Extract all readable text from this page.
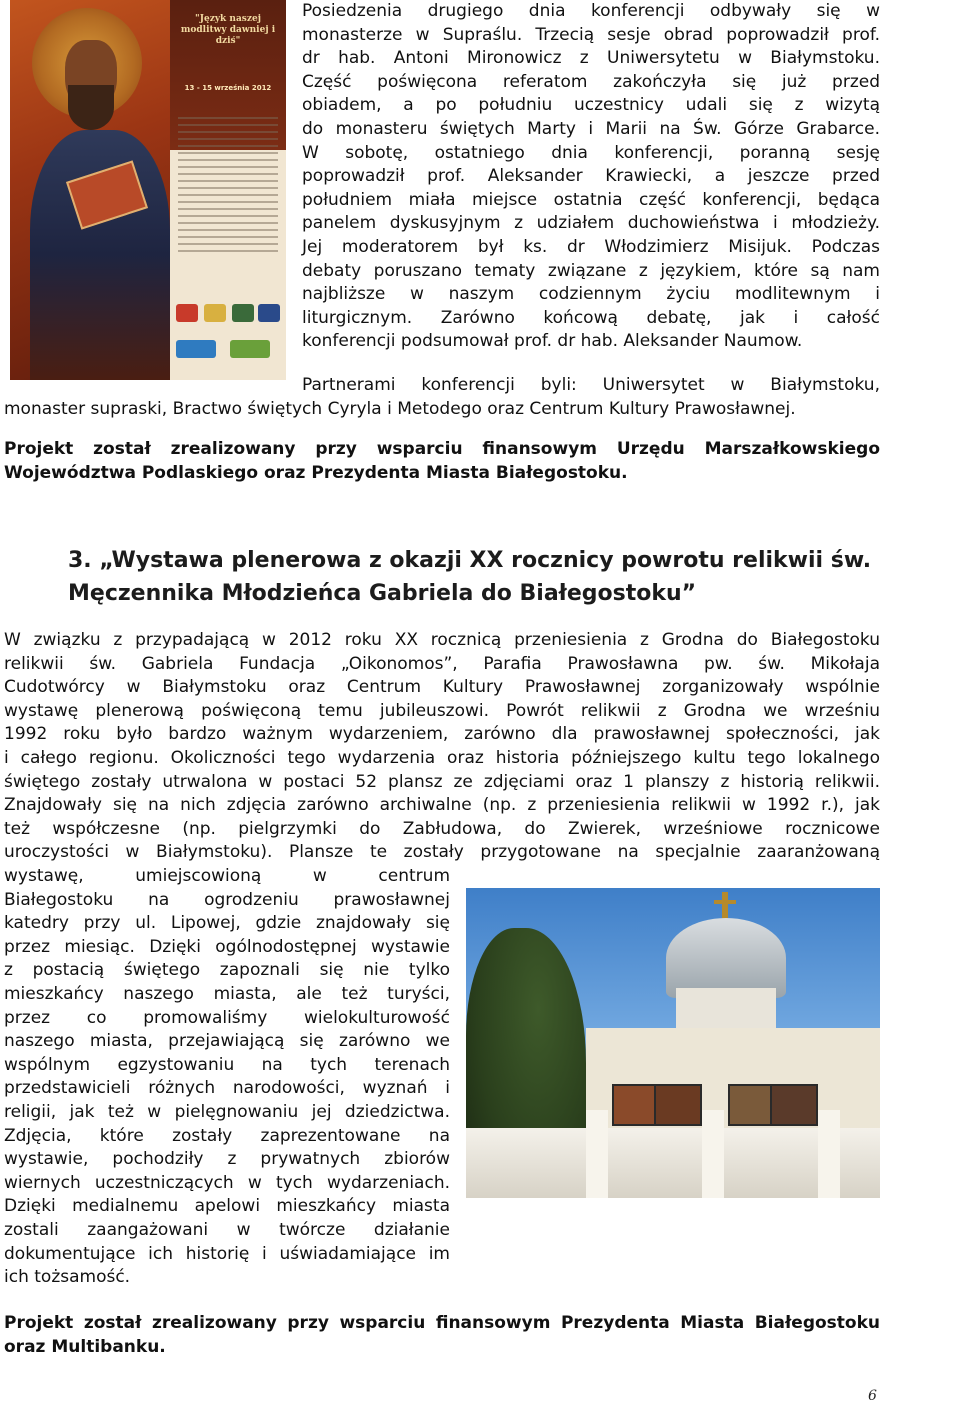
"Język naszej modlitwy dawniej i dziś"
13 - 15 września 2012
Posiedzenia drugiego dnia konferencji odbywały się w
monasterze w Supraślu. Trzecią sesje obrad poprowadził prof.
dr hab. Antoni Mironowicz z Uniwersytetu w Białymstoku.
Część poświęcona referatom zakończyła się już przed
obiadem, a po południu uczestnicy udali się z wizytą
do monasteru świętych Marty i Marii na Św. Górze Grabarce.
W sobotę, ostatniego dnia konferencji, poranną sesję
poprowadził prof. Aleksander Krawiecki, a jeszcze przed
południem miała miejsce ostatnia część konferencji, będąca
panelem dyskusyjnym z udziałem duchowieństwa i młodzieży.
Jej moderatorem był ks. dr Włodzimierz Misijuk. Podczas
debaty poruszano tematy związane z językiem, które są nam
najbliższe w naszym codziennym życiu modlitewnym i
liturgicznym. Zarówno końcową debatę, jak i całość
konferencji podsumował prof. dr hab. Aleksander Naumow.
Partnerami konferencji byli: Uniwersytet w Białymstoku,
monaster supraski, Bractwo świętych Cyryla i Metodego oraz Centrum Kultury Prawosławnej.
Projekt został zrealizowany przy wsparciu finansowym Urzędu Marszałkowskiego
Województwa Podlaskiego oraz Prezydenta Miasta Białegostoku.
3. „Wystawa plenerowa z okazji XX rocznicy powrotu relikwii św.
Męczennika Młodzieńca Gabriela do Białegostoku”
W związku z przypadającą w 2012 roku XX rocznicą przeniesienia z Grodna do Białegostoku
relikwii św. Gabriela Fundacja „Oikonomos”, Parafia Prawosławna pw. św. Mikołaja
Cudotwórcy w Białymstoku oraz Centrum Kultury Prawosławnej zorganizowały wspólnie
wystawę plenerową poświęconą temu jubileuszowi. Powrót relikwii z Grodna we wrześniu
1992 roku było bardzo ważnym wydarzeniem, zarówno dla prawosławnej społeczności, jak
i całego regionu. Okoliczności tego wydarzenia oraz historia późniejszego kultu tego lokalnego
świętego zostały utrwalona w postaci 52 plansz ze zdjęciami oraz 1 planszy z historią relikwii.
Znajdowały się na nich zdjęcia zarówno archiwalne (np. z przeniesienia relikwii w 1992 r.), jak
też współczesne (np. pielgrzymki do Zabłudowa, do Zwierek, wrześniowe rocznicowe
uroczystości w Białymstoku). Plansze te zostały przygotowane na specjalnie zaaranżowaną
wystawę, umiejscowioną w centrum
Białegostoku na ogrodzeniu prawosławnej
katedry przy ul. Lipowej, gdzie znajdowały się
przez miesiąc. Dzięki ogólnodostępnej wystawie
z postacią świętego zapoznali się nie tylko
mieszkańcy naszego miasta, ale też turyści,
przez co promowaliśmy wielokulturowość
naszego miasta, przejawiającą się zarówno we
wspólnym egzystowaniu na tych terenach
przedstawicieli różnych narodowości, wyznań i
religii, jak też w pielęgnowaniu jej dziedzictwa.
Zdjęcia, które zostały zaprezentowane na
wystawie, pochodziły z prywatnych zbiorów
wiernych uczestniczących w tych wydarzeniach.
Dzięki medialnemu apelowi mieszkańcy miasta
zostali zaangażowani w twórcze działanie
dokumentujące ich historię i uświadamiające im
ich tożsamość.
Projekt został zrealizowany przy wsparciu finansowym Prezydenta Miasta Białegostoku
oraz Multibanku.
6
